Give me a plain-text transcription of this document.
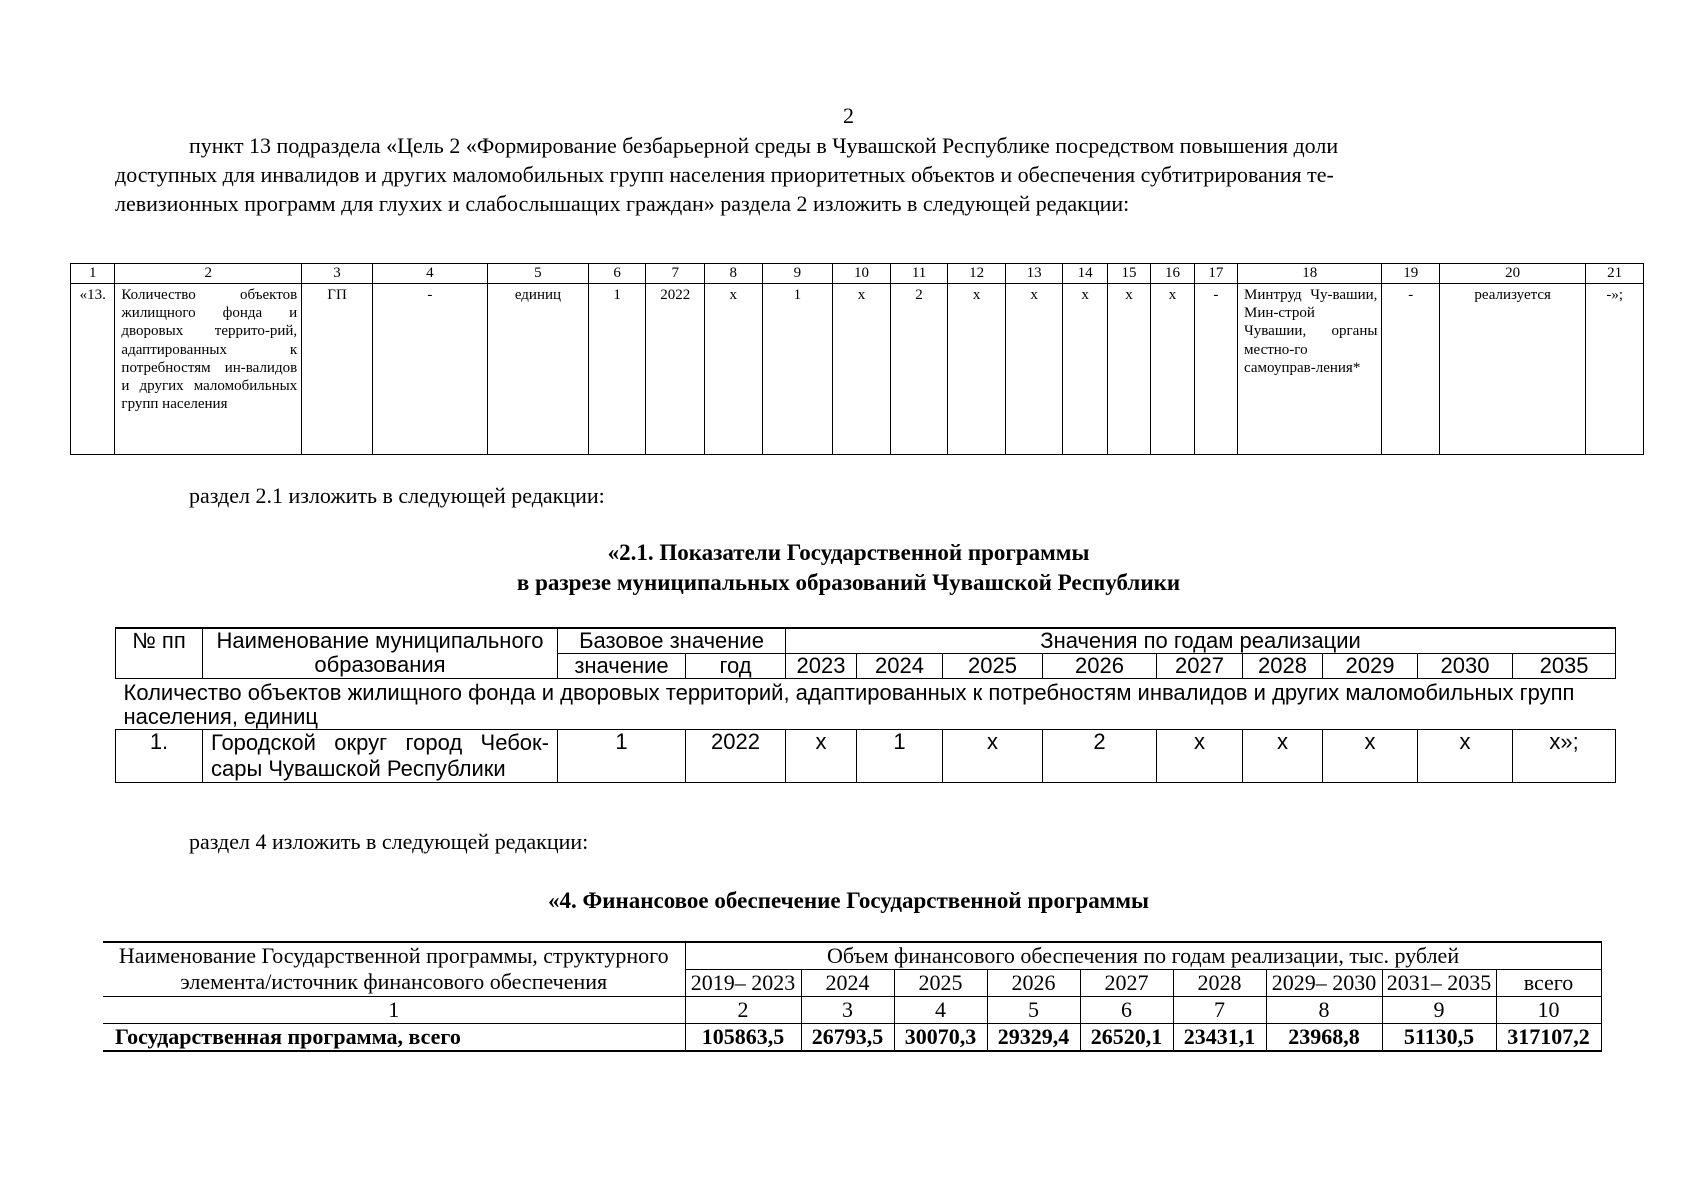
2
пункт 13 подраздела «Цель 2 «Формирование безбарьерной среды в Чувашской Республике посредством повышения доли
доступных для инвалидов и других маломобильных групп населения приоритетных объектов и обеспечения субтитрирования те-
левизионных программ для глухих и слабослышащих граждан» раздела 2 изложить в следующей редакции:
1	2	3	4	5	6	7	8	9	10	11	12	13	14	15	16	17	18	19	20	21
«13.	Количество объектов жилищного фонда и дворовых террито-рий, адаптированных к потребностям ин-валидов и других маломобильных групп населения	ГП	-	единиц	1	2022	х	1	х	2	х	х	х	х	х	-	Минтруд Чу-вашии, Мин-строй Чувашии, органы местно-го самоуправ-ления*	-	реализуется	-»;
раздел 2.1 изложить в следующей редакции:
«2.1. Показатели Государственной программы
в разрезе муниципальных образований Чувашской Республики
№ пп	Наименование муниципального образования	Базовое значение		Значения по годам реализации								
		значение	год	2023	2024	2025	2026	2027	2028	2029	2030	2035
Количество объектов жилищного фонда и дворовых территорий, адаптированных к потребностям инвалидов и других маломобильных групп населения, единиц												
1.	Городской округ город Чебок-сары Чувашской Республики	1	2022	х	1	х	2	х	х	х	х	х»;
раздел 4 изложить в следующей редакции:
«4. Финансовое обеспечение Государственной программы
Наименование Государственной программы, структурного элемента/источник финансового обеспечения	Объем финансового обеспечения по годам реализации, тыс. рублей								
	2019– 2023	2024	2025	2026	2027	2028	2029– 2030	2031– 2035	всего
1	2	3	4	5	6	7	8	9	10
Государственная программа, всего	105863,5	26793,5	30070,3	29329,4	26520,1	23431,1	23968,8	51130,5	317107,2
